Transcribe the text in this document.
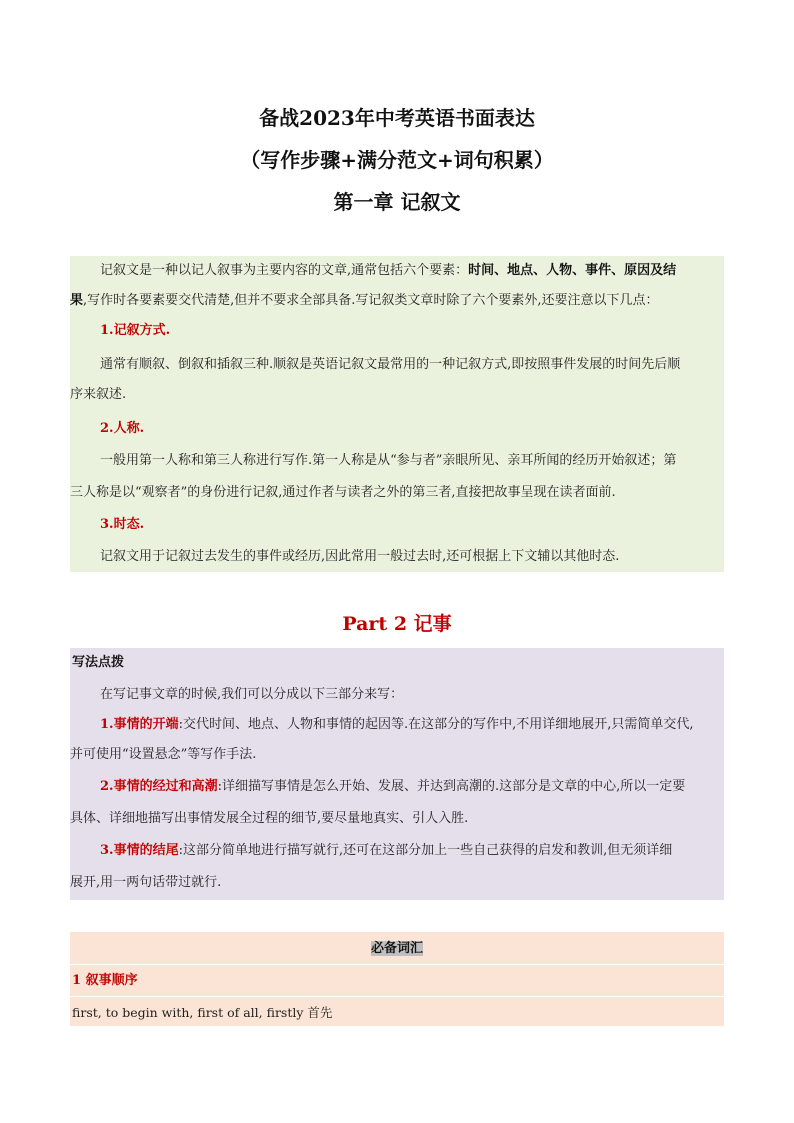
备战2023年中考英语书面表达
（写作步骤+满分范文+词句积累）
第一章 记叙文
记叙文是一种以记人叙事为主要内容的文章,通常包括六个要素：时间、地点、人物、事件、原因及结
果,写作时各要素要交代清楚,但并不要求全部具备.写记叙类文章时除了六个要素外,还要注意以下几点：
1.记叙方式.
通常有顺叙、倒叙和插叙三种.顺叙是英语记叙文最常用的一种记叙方式,即按照事件发展的时间先后顺
序来叙述.
2.人称.
一般用第一人称和第三人称进行写作.第一人称是从“参与者”亲眼所见、亲耳所闻的经历开始叙述；第
三人称是以“观察者”的身份进行记叙,通过作者与读者之外的第三者,直接把故事呈现在读者面前.
3.时态.
记叙文用于记叙过去发生的事件或经历,因此常用一般过去时,还可根据上下文辅以其他时态.
Part 2 记事
写法点拨
在写记事文章的时候,我们可以分成以下三部分来写：
1.事情的开端:交代时间、地点、人物和事情的起因等.在这部分的写作中,不用详细地展开,只需简单交代,
并可使用“设置悬念”等写作手法.
2.事情的经过和高潮:详细描写事情是怎么开始、发展、并达到高潮的.这部分是文章的中心,所以一定要
具体、详细地描写出事情发展全过程的细节,要尽量地真实、引人入胜.
3.事情的结尾:这部分简单地进行描写就行,还可在这部分加上一些自己获得的启发和教训,但无须详细
展开,用一两句话带过就行.
必备词汇
1 叙事顺序
first, to begin with, first of all, firstly 首先
